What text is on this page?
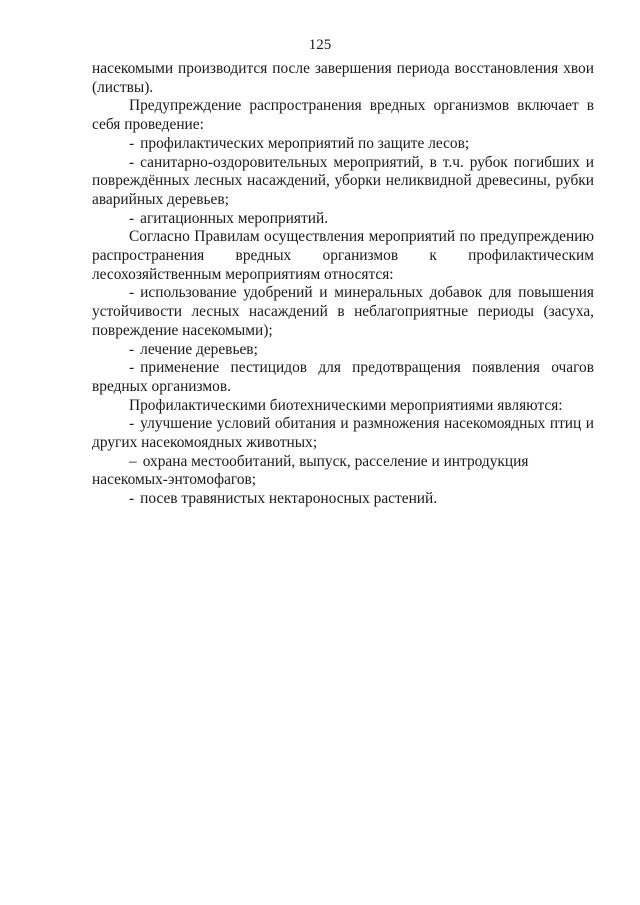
125

насекомыми производится после завершения периода восстановления хвои (листвы).

Предупреждение распространения вредных организмов включает в себя проведение:

- профилактических мероприятий по защите лесов;

- санитарно-оздоровительных мероприятий, в т.ч. рубок погибших и повреждённых лесных насаждений, уборки неликвидной древесины, рубки аварийных деревьев;

- агитационных мероприятий.

Согласно Правилам осуществления мероприятий по предупреждению распространения вредных организмов к профилактическим лесохозяйственным мероприятиям относятся:

- использование удобрений и минеральных добавок для повышения устойчивости лесных насаждений в неблагоприятные периоды (засуха, повреждение насекомыми);

- лечение деревьев;

- применение пестицидов для предотвращения появления очагов вредных организмов.

Профилактическими биотехническими мероприятиями являются:

- улучшение условий обитания и размножения насекомоядных птиц и других насекомоядных животных;

– охрана местообитаний, выпуск, расселение и интродукция насекомых-энтомофагов;

- посев травянистых нектароносных растений.
